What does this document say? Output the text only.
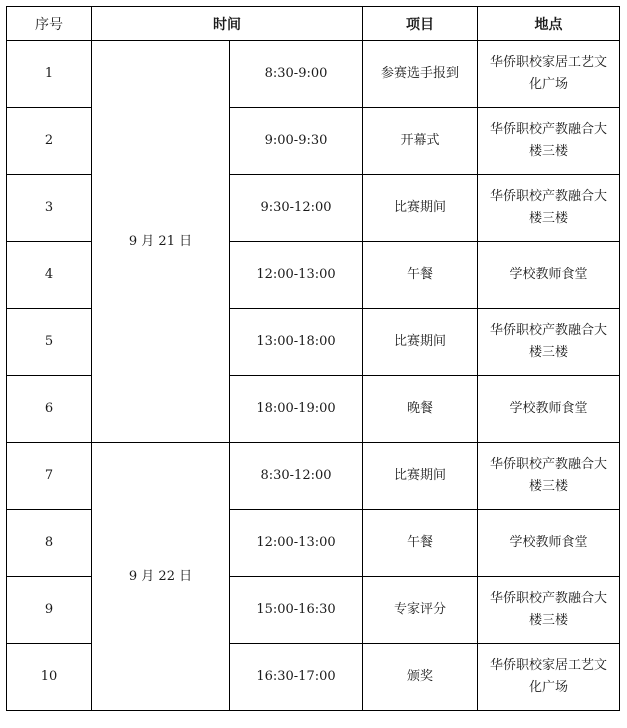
序号	时间		项目	地点
1	9 月 21 日	8:30-9:00	参赛选手报到	华侨职校家居工艺文化广场
2		9:00-9:30	开幕式	华侨职校产教融合大楼三楼
3		9:30-12:00	比赛期间	华侨职校产教融合大楼三楼
4		12:00-13:00	午餐	学校教师食堂
5		13:00-18:00	比赛期间	华侨职校产教融合大楼三楼
6		18:00-19:00	晚餐	学校教师食堂
7	9 月 22 日	8:30-12:00	比赛期间	华侨职校产教融合大楼三楼
8		12:00-13:00	午餐	学校教师食堂
9		15:00-16:30	专家评分	华侨职校产教融合大楼三楼
10		16:30-17:00	颁奖	华侨职校家居工艺文化广场
